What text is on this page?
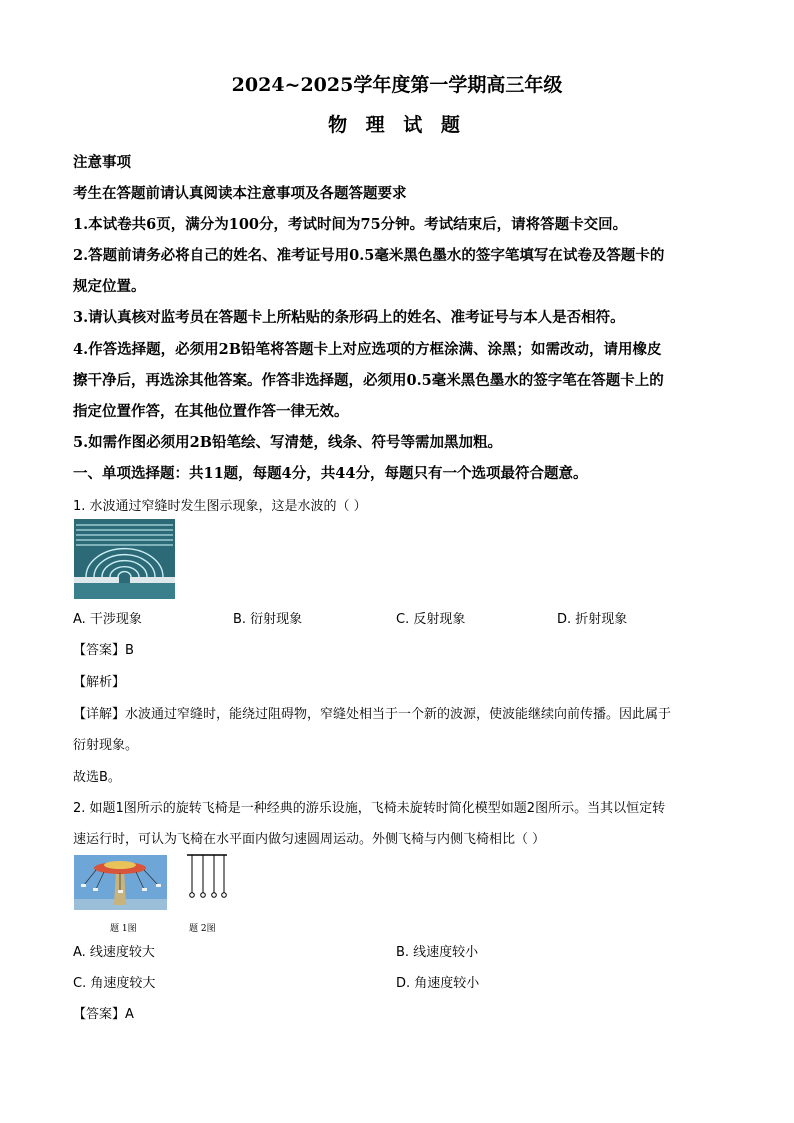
2024~2025学年度第一学期高三年级
物 理 试 题
注意事项
考生在答题前请认真阅读本注意事项及各题答题要求
1.本试卷共6页，满分为100分，考试时间为75分钟。考试结束后，请将答题卡交回。
2.答题前请务必将自己的姓名、准考证号用0.5毫米黑色墨水的签字笔填写在试卷及答题卡的
规定位置。
3.请认真核对监考员在答题卡上所粘贴的条形码上的姓名、准考证号与本人是否相符。
4.作答选择题，必须用2B铅笔将答题卡上对应选项的方框涂满、涂黑；如需改动，请用橡皮
擦干净后，再选涂其他答案。作答非选择题，必须用0.5毫米黑色墨水的签字笔在答题卡上的
指定位置作答，在其他位置作答一律无效。
5.如需作图必须用2B铅笔绘、写清楚，线条、符号等需加黑加粗。
一、单项选择题：共11题，每题4分，共44分，每题只有一个选项最符合题意。
1. 水波通过窄缝时发生图示现象，这是水波的（ ）
A. 干涉现象	B. 衍射现象	C. 反射现象	D. 折射现象
【答案】B
【解析】
【详解】水波通过窄缝时，能绕过阻碍物，窄缝处相当于一个新的波源，使波能继续向前传播。因此属于
衍射现象。
故选B。
2. 如题1图所示的旋转飞椅是一种经典的游乐设施，飞椅未旋转时简化模型如题2图所示。当其以恒定转
速运行时，可认为飞椅在水平面内做匀速圆周运动。外侧飞椅与内侧飞椅相比（ ）
题 1图	题 2图
A. 线速度较大	B. 线速度较小
C. 角速度较大	D. 角速度较小
【答案】A
